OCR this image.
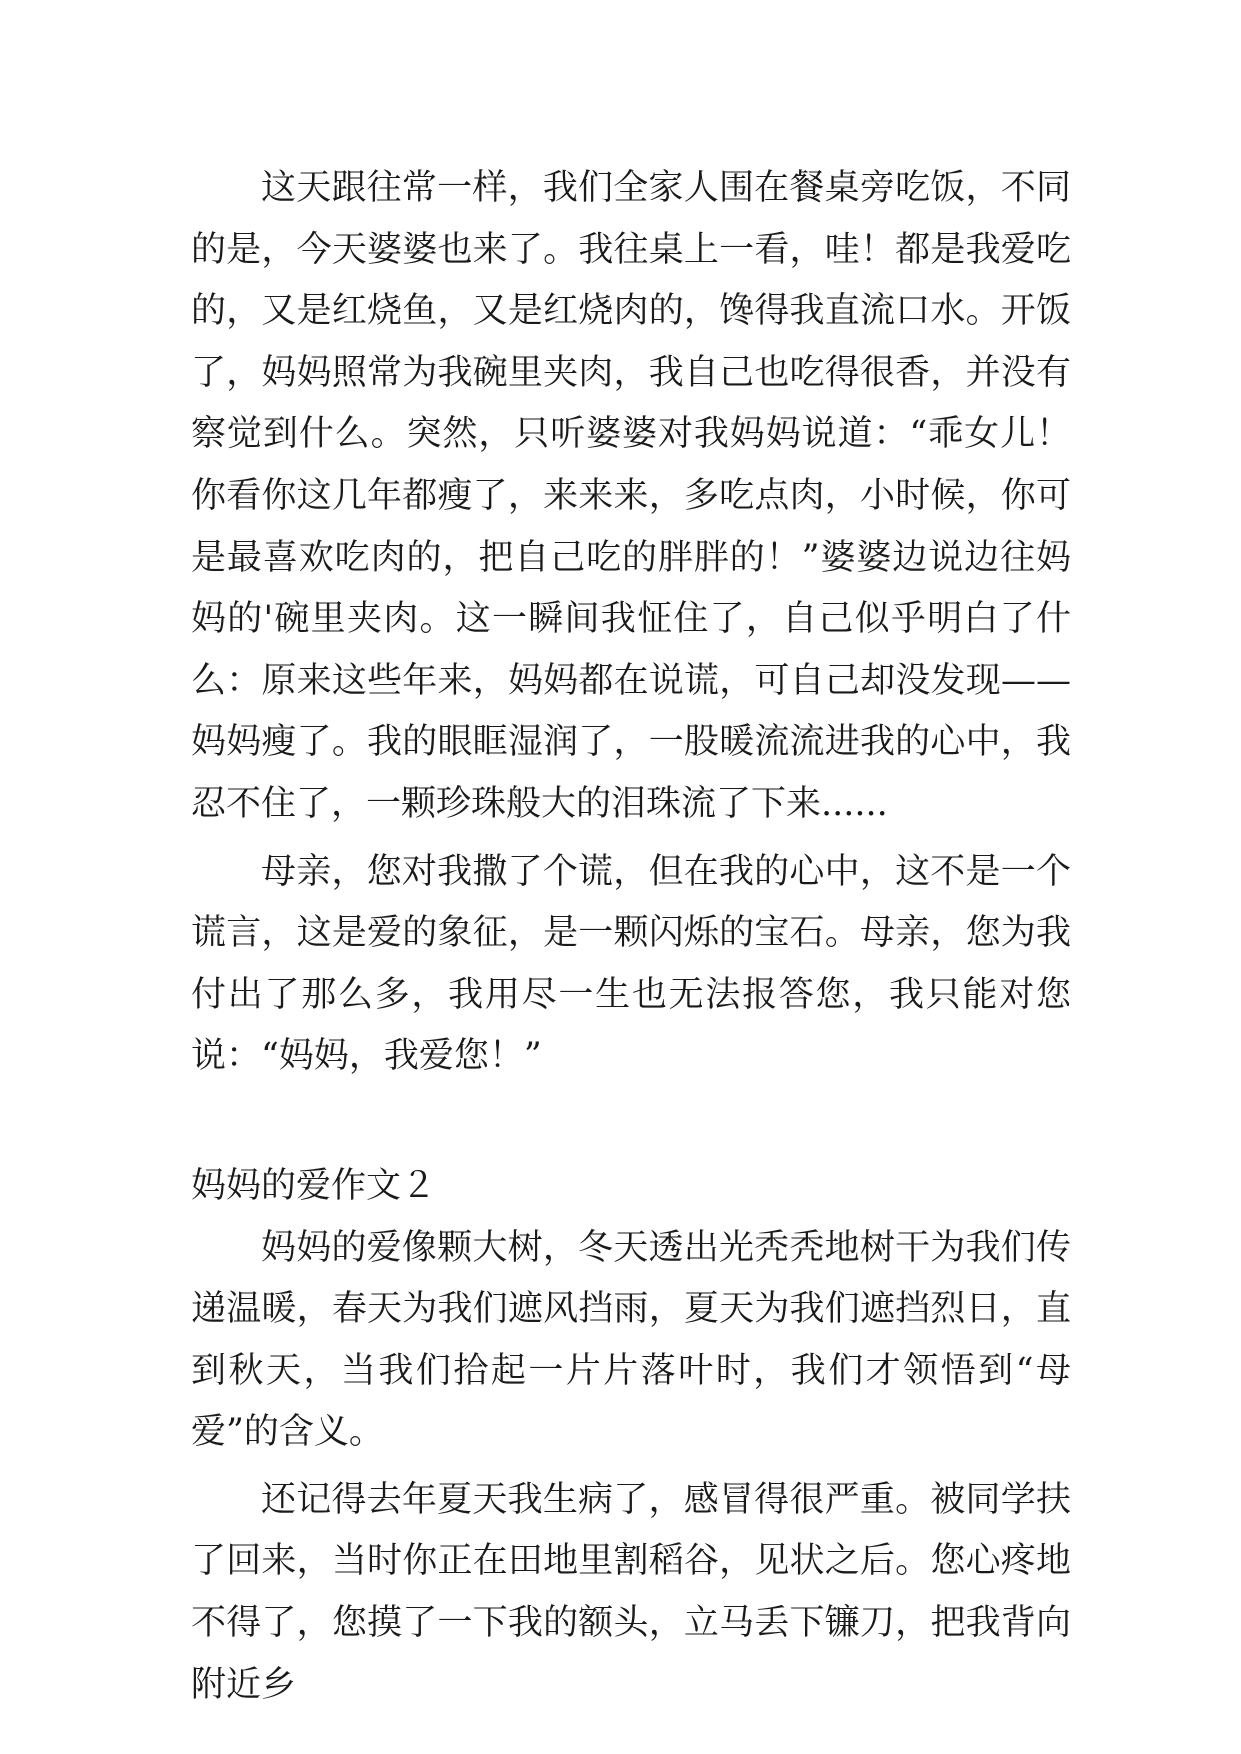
这天跟往常一样，我们全家人围在餐桌旁吃饭，不同的是，今天婆婆也来了。我往桌上一看，哇！都是我爱吃的，又是红烧鱼，又是红烧肉的，馋得我直流口水。开饭了，妈妈照常为我碗里夹肉，我自己也吃得很香，并没有察觉到什么。突然，只听婆婆对我妈妈说道：“乖女儿！你看你这几年都瘦了，来来来，多吃点肉，小时候，你可是最喜欢吃肉的，把自己吃的胖胖的！”婆婆边说边往妈妈的'碗里夹肉。这一瞬间我怔住了，自己似乎明白了什么：原来这些年来，妈妈都在说谎，可自己却没发现——妈妈瘦了。我的眼眶湿润了，一股暖流流进我的心中，我忍不住了，一颗珍珠般大的泪珠流了下来......

母亲，您对我撒了个谎，但在我的心中，这不是一个谎言，这是爱的象征，是一颗闪烁的宝石。母亲，您为我付出了那么多，我用尽一生也无法报答您，我只能对您说：“妈妈，我爱您！”

妈妈的爱作文２

妈妈的爱像颗大树，冬天透出光秃秃地树干为我们传递温暖，春天为我们遮风挡雨，夏天为我们遮挡烈日，直到秋天，当我们拾起一片片落叶时，我们才领悟到“母爱”的含义。

还记得去年夏天我生病了，感冒得很严重。被同学扶了回来，当时你正在田地里割稻谷，见状之后。您心疼地不得了，您摸了一下我的额头，立马丢下镰刀，把我背向附近乡
